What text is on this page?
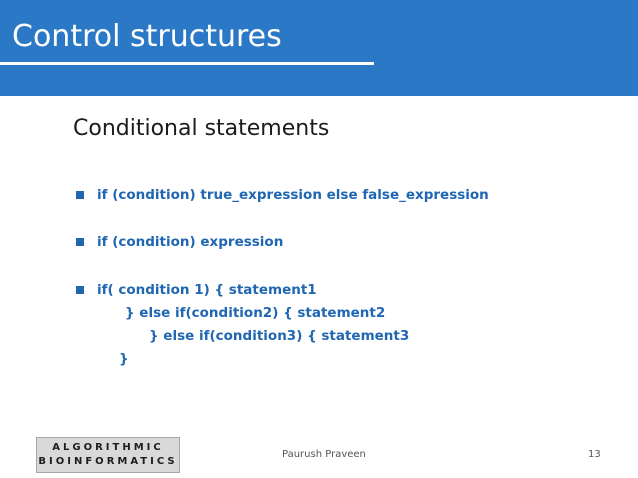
Control structures
Conditional statements
if (condition) true_expression else false_expression
if (condition) expression
if( condition 1) { statement1
} else if(condition2) { statement2
} else if(condition3) { statement3
}
ALGORITHMIC
BIOINFORMATICS
Paurush Praveen	13
